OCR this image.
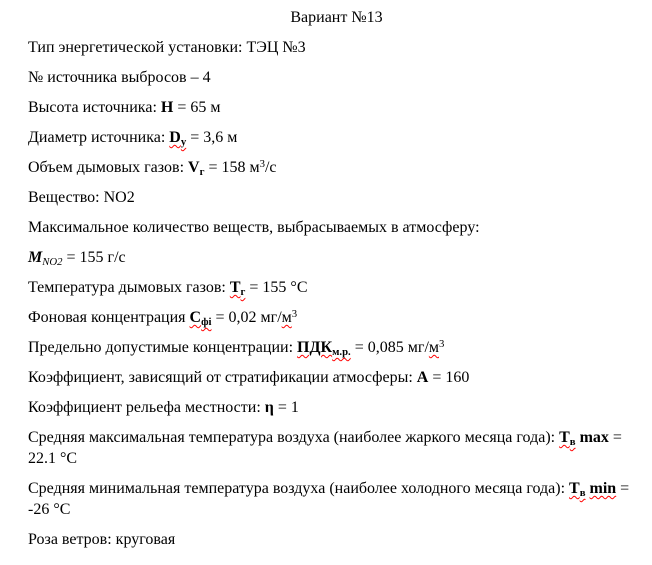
Вариант №13

Тип энергетической установки: ТЭЦ №3

№ источника выбросов – 4

Высота источника: H = 65 м

Диаметр источника: Dу = 3,6 м

Объем дымовых газов: Vг = 158 $м^3/с$

Вещество: NO2

Максимальное количество веществ, выбрасываемых в атмосферу:

MNO2 = 155 г/с

Температура дымовых газов: Тг = 155 °C

Фоновая концентрация Сфi = 0,02 $мг/м^3$

Предельно допустимые концентрации: ПДКм.р. = 0,085 $мг/м^3$

Коэффициент, зависящий от стратификации атмосферы: A = 160

Коэффициент рельефа местности: η = 1

Средняя максимальная температура воздуха (наиболее жаркого месяца года): Тв max = 22.1 °C

Средняя минимальная температура воздуха (наиболее холодного месяца года): Тв min = -26 °C

Роза ветров: круговая
